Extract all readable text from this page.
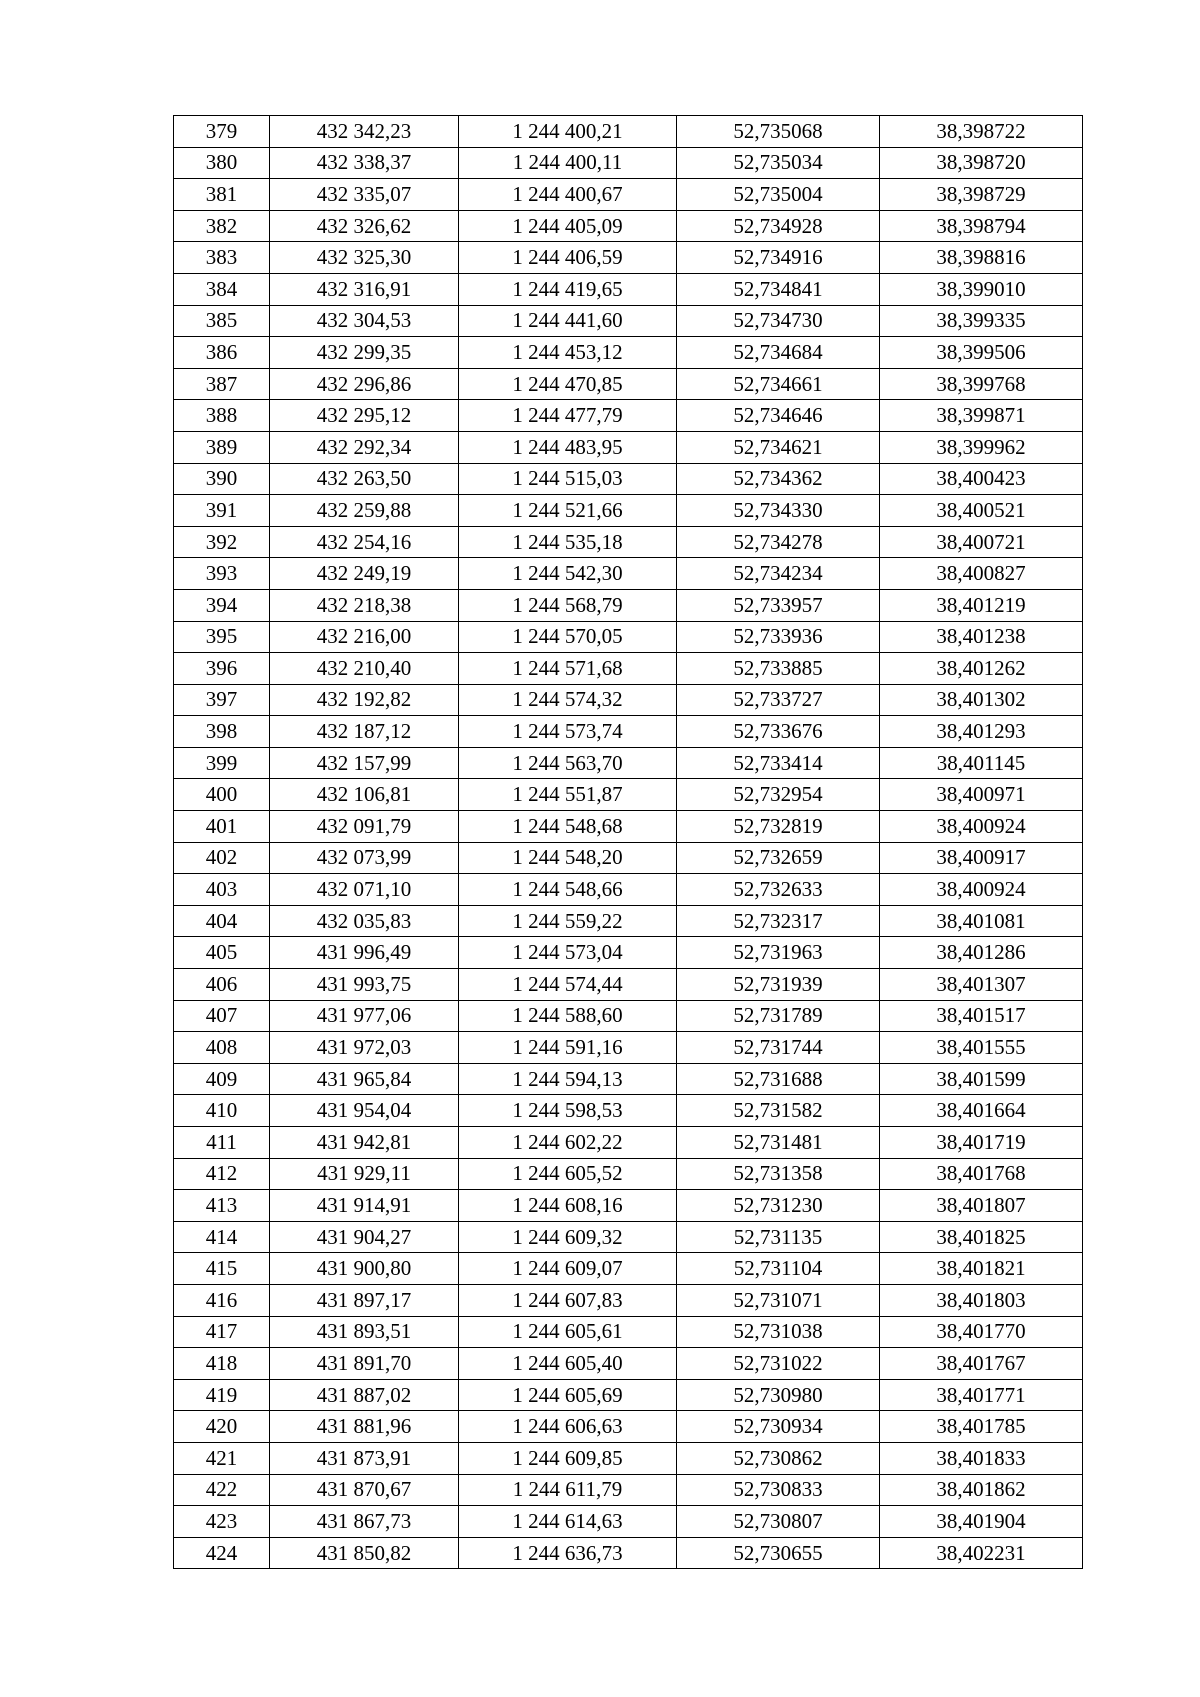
379	432 342,23	1 244 400,21	52,735068	38,398722
380	432 338,37	1 244 400,11	52,735034	38,398720
381	432 335,07	1 244 400,67	52,735004	38,398729
382	432 326,62	1 244 405,09	52,734928	38,398794
383	432 325,30	1 244 406,59	52,734916	38,398816
384	432 316,91	1 244 419,65	52,734841	38,399010
385	432 304,53	1 244 441,60	52,734730	38,399335
386	432 299,35	1 244 453,12	52,734684	38,399506
387	432 296,86	1 244 470,85	52,734661	38,399768
388	432 295,12	1 244 477,79	52,734646	38,399871
389	432 292,34	1 244 483,95	52,734621	38,399962
390	432 263,50	1 244 515,03	52,734362	38,400423
391	432 259,88	1 244 521,66	52,734330	38,400521
392	432 254,16	1 244 535,18	52,734278	38,400721
393	432 249,19	1 244 542,30	52,734234	38,400827
394	432 218,38	1 244 568,79	52,733957	38,401219
395	432 216,00	1 244 570,05	52,733936	38,401238
396	432 210,40	1 244 571,68	52,733885	38,401262
397	432 192,82	1 244 574,32	52,733727	38,401302
398	432 187,12	1 244 573,74	52,733676	38,401293
399	432 157,99	1 244 563,70	52,733414	38,401145
400	432 106,81	1 244 551,87	52,732954	38,400971
401	432 091,79	1 244 548,68	52,732819	38,400924
402	432 073,99	1 244 548,20	52,732659	38,400917
403	432 071,10	1 244 548,66	52,732633	38,400924
404	432 035,83	1 244 559,22	52,732317	38,401081
405	431 996,49	1 244 573,04	52,731963	38,401286
406	431 993,75	1 244 574,44	52,731939	38,401307
407	431 977,06	1 244 588,60	52,731789	38,401517
408	431 972,03	1 244 591,16	52,731744	38,401555
409	431 965,84	1 244 594,13	52,731688	38,401599
410	431 954,04	1 244 598,53	52,731582	38,401664
411	431 942,81	1 244 602,22	52,731481	38,401719
412	431 929,11	1 244 605,52	52,731358	38,401768
413	431 914,91	1 244 608,16	52,731230	38,401807
414	431 904,27	1 244 609,32	52,731135	38,401825
415	431 900,80	1 244 609,07	52,731104	38,401821
416	431 897,17	1 244 607,83	52,731071	38,401803
417	431 893,51	1 244 605,61	52,731038	38,401770
418	431 891,70	1 244 605,40	52,731022	38,401767
419	431 887,02	1 244 605,69	52,730980	38,401771
420	431 881,96	1 244 606,63	52,730934	38,401785
421	431 873,91	1 244 609,85	52,730862	38,401833
422	431 870,67	1 244 611,79	52,730833	38,401862
423	431 867,73	1 244 614,63	52,730807	38,401904
424	431 850,82	1 244 636,73	52,730655	38,402231
